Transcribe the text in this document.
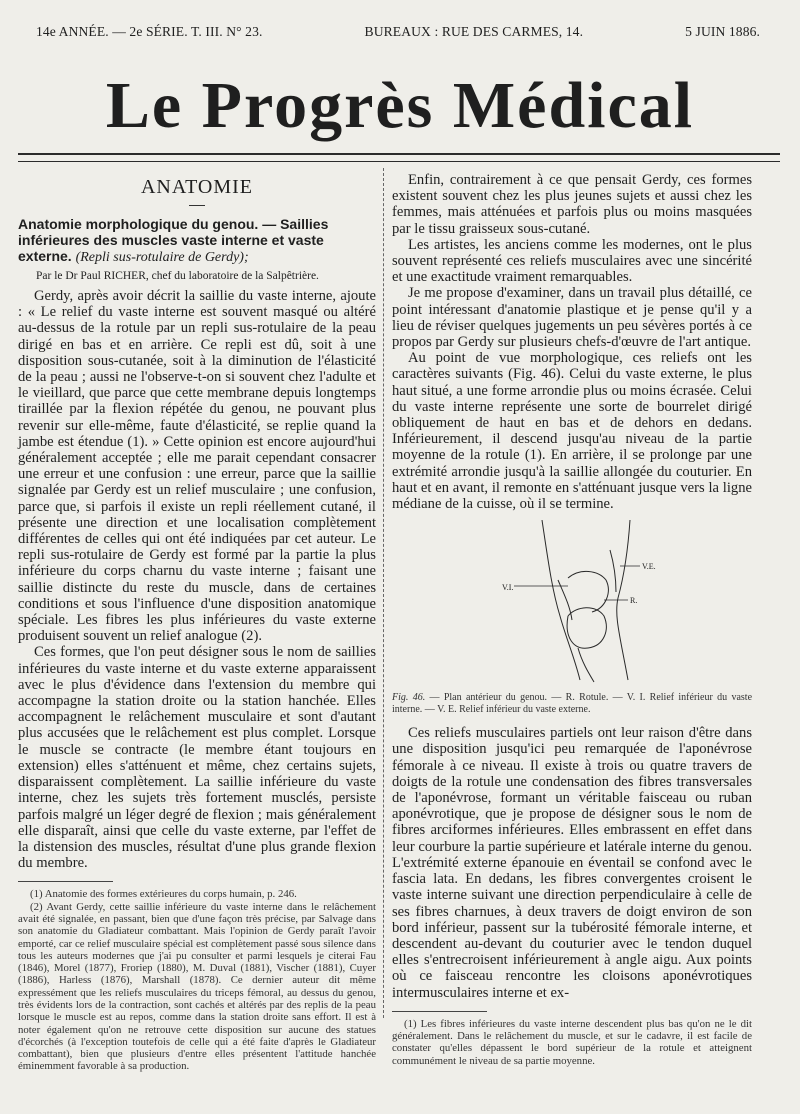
14e ANNÉE. — 2e SÉRIE. T. III. N° 23.	BUREAUX : RUE DES CARMES, 14.	5 JUIN 1886.
Le Progrès Médical
ANATOMIE

Anatomie morphologique du genou. — Saillies inférieures des muscles vaste interne et vaste externe. (Repli sus-rotulaire de Gerdy);

Par le Dr Paul RICHER, chef du laboratoire de la Salpêtrière.

Gerdy, après avoir décrit la saillie du vaste interne, ajoute : « Le relief du vaste interne est souvent masqué ou altéré au-dessus de la rotule par un repli sus-rotulaire de la peau dirigé en bas et en arrière. Ce repli est dû, soit à une disposition sous-cutanée, soit à la diminution de l'élasticité de la peau ; aussi ne l'observe-t-on si souvent chez l'adulte et le vieillard, que parce que cette membrane depuis longtemps tiraillée par la flexion répétée du genou, ne pouvant plus revenir sur elle-même, faute d'élasticité, se replie quand la jambe est étendue (1). » Cette opinion est encore aujourd'hui généralement acceptée ; elle me parait cependant consacrer une erreur et une confusion : une erreur, parce que la saillie signalée par Gerdy est un relief musculaire ; une confusion, parce que, si parfois il existe un repli réellement cutané, il présente une direction et une localisation complètement différentes de celles qui ont été indiquées par cet auteur. Le repli sus-rotulaire de Gerdy est formé par la partie la plus inférieure du corps charnu du vaste interne ; faisant une saillie distincte du reste du muscle, dans de certaines conditions et sous l'influence d'une disposition anatomique spéciale. Les fibres les plus inférieures du vaste externe produisent souvent un relief analogue (2).

Ces formes, que l'on peut désigner sous le nom de saillies inférieures du vaste interne et du vaste externe apparaissent avec le plus d'évidence dans l'extension du membre qui accompagne la station droite ou la station hanchée. Elles accompagnent le relâchement musculaire et sont d'autant plus accusées que le relâchement est plus complet. Lorsque le muscle se contracte (le membre étant toujours en extension) elles s'atténuent et même, chez certains sujets, disparaissent complètement. La saillie inférieure du vaste interne, chez les sujets très fortement musclés, persiste parfois malgré un léger degré de flexion ; mais généralement elle disparaît, ainsi que celle du vaste externe, par l'effet de la distension des muscles, résultat d'une plus grande flexion du membre.

(1) Anatomie des formes extérieures du corps humain, p. 246.

(2) Avant Gerdy, cette saillie inférieure du vaste interne dans le relâchement avait été signalée, en passant, bien que d'une façon très précise, par Salvage dans son anatomie du Gladiateur combattant. Mais l'opinion de Gerdy paraît l'avoir emporté, car ce relief musculaire spécial est complètement passé sous silence dans tous les auteurs modernes que j'ai pu consulter et parmi lesquels je citerai Fau (1846), Morel (1877), Froriep (1880), M. Duval (1881), Vischer (1881), Cuyer (1886), Harless (1876), Marshall (1878). Ce dernier auteur dit même expressément que les reliefs musculaires du triceps fémoral, au dessus du genou, très évidents lors de la contraction, sont cachés et altérés par des replis de la peau lorsque le muscle est au repos, comme dans la station droite sans effort. Il est à noter également qu'on ne retrouve cette disposition sur aucune des statues d'écorchés (à l'exception toutefois de celle qui a été faite d'après le Gladiateur combattant), bien que plusieurs d'entre elles présentent l'attitude hanchée éminemment favorable à sa production.

Enfin, contrairement à ce que pensait Gerdy, ces formes existent souvent chez les plus jeunes sujets et aussi chez les femmes, mais atténuées et parfois plus ou moins masquées par le tissu graisseux sous-cutané.

Les artistes, les anciens comme les modernes, ont le plus souvent représenté ces reliefs musculaires avec une sincérité et une exactitude vraiment remarquables.

Je me propose d'examiner, dans un travail plus détaillé, ce point intéressant d'anatomie plastique et je pense qu'il y a lieu de réviser quelques jugements un peu sévères portés à ce propos par Gerdy sur plusieurs chefs-d'œuvre de l'art antique.

Au point de vue morphologique, ces reliefs ont les caractères suivants (Fig. 46). Celui du vaste externe, le plus haut situé, a une forme arrondie plus ou moins écrasée. Celui du vaste interne représente une sorte de bourrelet dirigé obliquement de haut en bas et de dehors en dedans. Inférieurement, il descend jusqu'au niveau de la partie moyenne de la rotule (1). En arrière, il se prolonge par une extrémité arrondie jusqu'à la saillie allongée du couturier. En haut et en avant, il remonte en s'atténuant jusque vers la ligne médiane de la cuisse, où il se termine.

V.I.
V.E.
R.

Fig. 46. — Plan antérieur du genou. — R. Rotule. — V. I. Relief inférieur du vaste interne. — V. E. Relief inférieur du vaste externe.

Ces reliefs musculaires partiels ont leur raison d'être dans une disposition jusqu'ici peu remarquée de l'aponévrose fémorale à ce niveau. Il existe à trois ou quatre travers de doigts de la rotule une condensation des fibres transversales de l'aponévrose, formant un véritable faisceau ou ruban aponévrotique, que je propose de désigner sous le nom de fibres arciformes inférieures. Elles embrassent en effet dans leur courbure la partie supérieure et latérale interne du genou. L'extrémité externe épanouie en éventail se confond avec le fascia lata. En dedans, les fibres convergentes croisent le vaste interne suivant une direction perpendiculaire à celle de ses fibres charnues, à deux travers de doigt environ de son bord inférieur, passent sur la tubérosité fémorale interne, et descendent au-devant du couturier avec le tendon duquel elles s'entrecroisent inférieurement à angle aigu. Aux points où ce faisceau rencontre les cloisons aponévrotiques intermusculaires interne et ex-

(1) Les fibres inférieures du vaste interne descendent plus bas qu'on ne le dit généralement. Dans le relâchement du muscle, et sur le cadavre, il est facile de constater qu'elles dépassent le bord supérieur de la rotule et atteignent communément le niveau de sa partie moyenne.
